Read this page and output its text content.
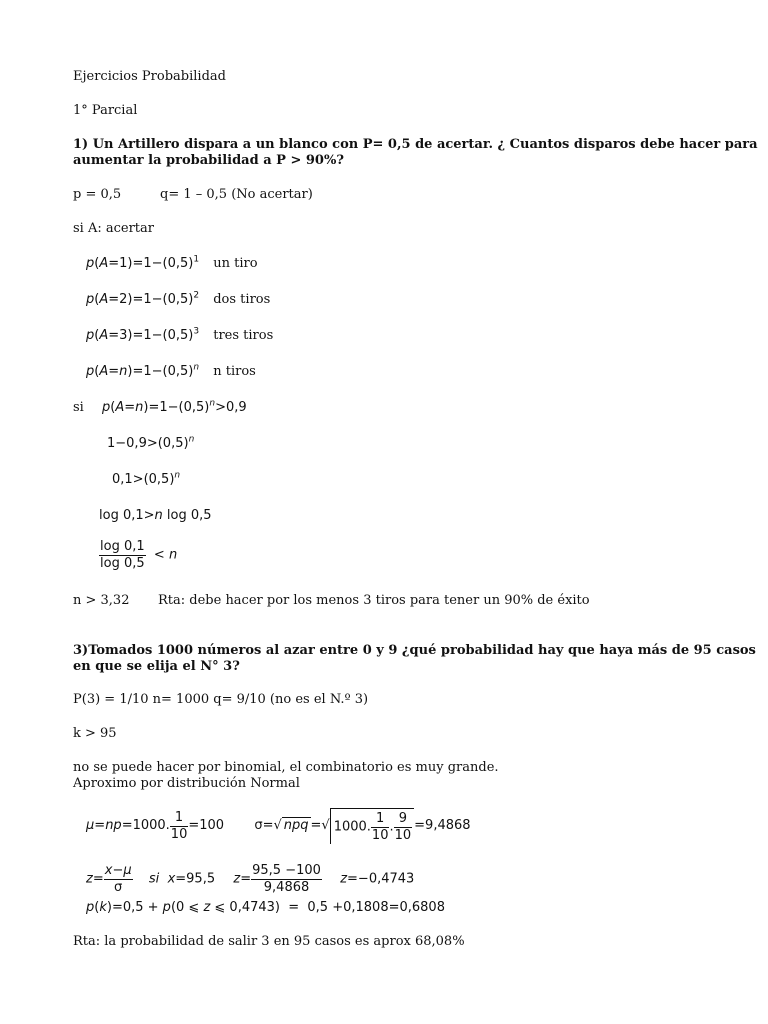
Ejercicios Probabilidad
1° Parcial
1) Un Artillero dispara a un blanco con P= 0,5 de acertar. ¿ Cuantos disparos debe hacer para
aumentar la probabilidad a P > 90%?
p = 0,5	q= 1 – 0,5 (No acertar)
si A: acertar
$p(A=1)=1-(0,5)^1$ un tiro
$p(A=2)=1-(0,5)^2$ dos tiros
$p(A=3)=1-(0,5)^3$ tres tiros
$p(A=n)=1-(0,5)^n$ n tiros
si $p(A=n)=1-(0,5)^n>0,9$
$1-0,9>(0,5)^n$
$0,1>(0,5)^n$
log 0,1>n log 0,5
$\frac{\log 0,1}{\log 0,5} < n$
n > 3,32 Rta: debe hacer por los menos 3 tiros para tener un 90% de éxito
3)Tomados 1000 números al azar entre 0 y 9 ¿qué probabilidad hay que haya más de 95 casos
en que se elija el N° 3?
P(3) = 1/10 n= 1000 q= 9/10 (no es el N.º 3)
k > 95
no se puede hacer por binomial, el combinatorio es muy grande.
Aproximo por distribución Normal
μ=np=1000. $\frac{1}{10} =100$ σ=√ npq =√ 1000. $\frac{1}{10}$ . $\frac{9}{10} =9,4868$
$z= \frac{x-\mu}{\sigma}$ si x=95,5 $z= \frac{95,5 -100}{9,4868} z=-0,4743$
p(k)=0,5 + p(0 ⩽ z ⩽ 0,4743)  =  0,5 +0,1808=0,6808
Rta: la probabilidad de salir 3 en 95 casos es aprox 68,08%
